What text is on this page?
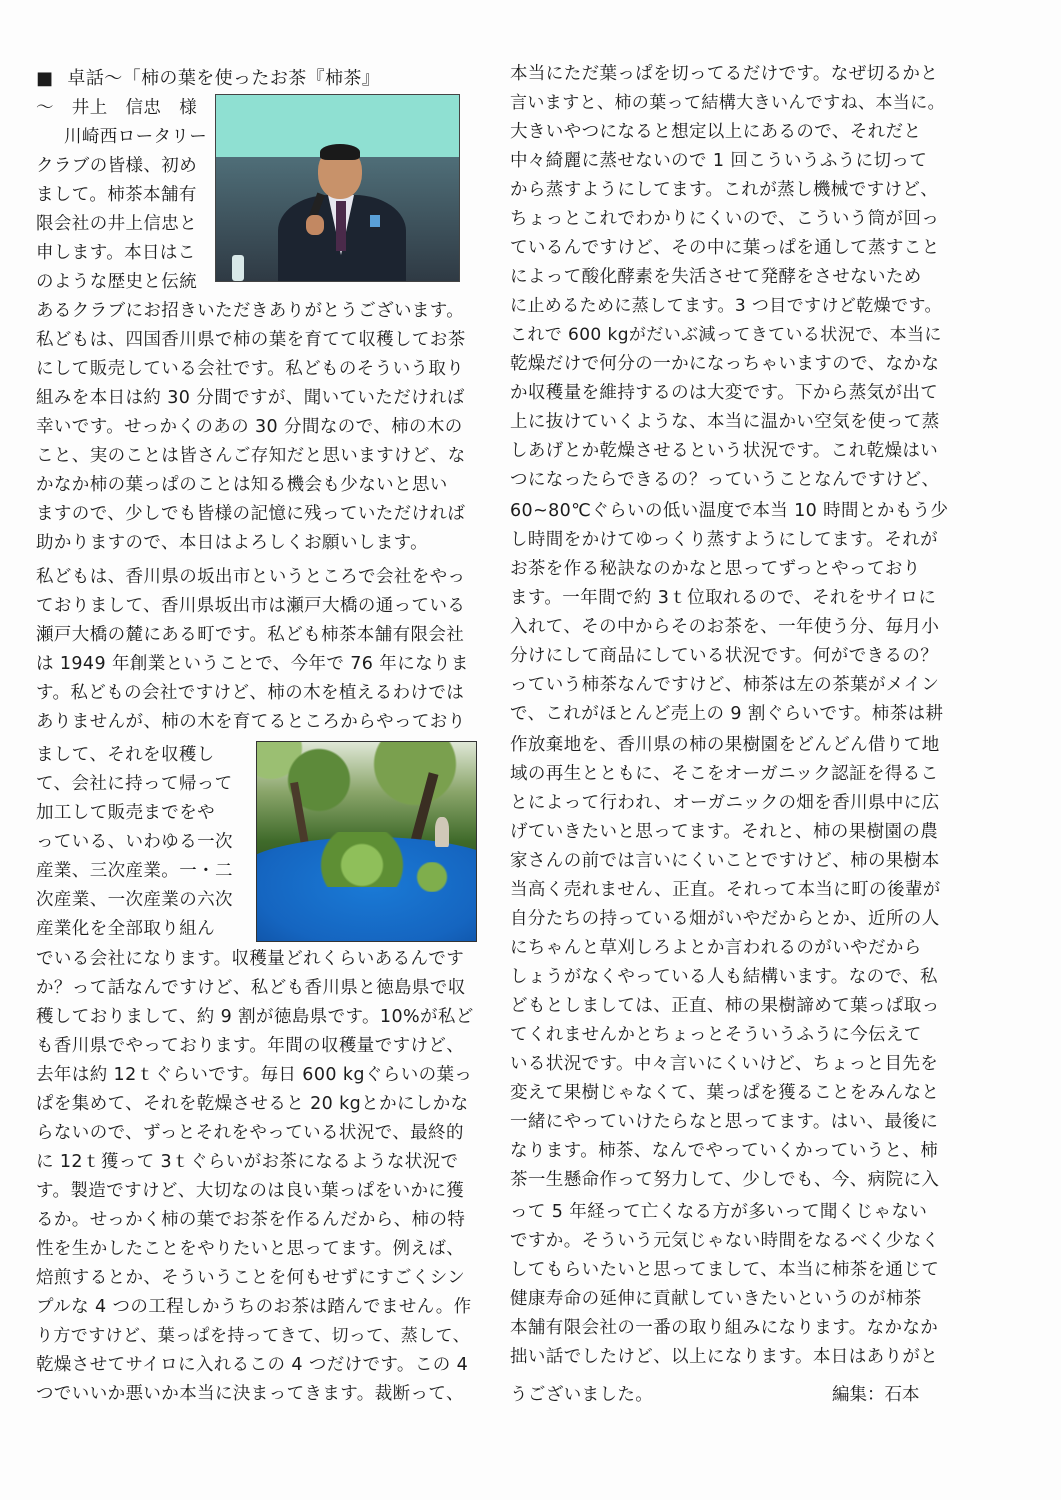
■ 卓話～「柿の葉を使ったお茶『柿茶』
～　井上　信忠　様
川崎西ロータリー
クラブの皆様、初め
まして。柿茶本舗有
限会社の井上信忠と
申します。本日はこ
のような歴史と伝統
あるクラブにお招きいただきありがとうございます。
私どもは、四国香川県で柿の葉を育てて収穫してお茶
にして販売している会社です。私どものそういう取り
組みを本日は約 30 分間ですが、聞いていただければ
幸いです。せっかくのあの 30 分間なので、柿の木の
こと、実のことは皆さんご存知だと思いますけど、な
かなか柿の葉っぱのことは知る機会も少ないと思い
ますので、少しでも皆様の記憶に残っていただければ
助かりますので、本日はよろしくお願いします。
私どもは、香川県の坂出市というところで会社をやっ
ておりまして、香川県坂出市は瀬戸大橋の通っている
瀬戸大橋の麓にある町です。私ども柿茶本舗有限会社
は 1949 年創業ということで、今年で 76 年になりま
す。私どもの会社ですけど、柿の木を植えるわけでは
ありませんが、柿の木を育てるところからやっており
まして、それを収穫し
て、会社に持って帰って
加工して販売までをや
っている、いわゆる一次
産業、三次産業。一・二
次産業、一次産業の六次
産業化を全部取り組ん
でいる会社になります。収穫量どれくらいあるんです
か？って話なんですけど、私ども香川県と徳島県で収
穫しておりまして、約 9 割が徳島県です。10%が私ど
も香川県でやっております。年間の収穫量ですけど、
去年は約 12ｔぐらいです。毎日 600 kgぐらいの葉っ
ぱを集めて、それを乾燥させると 20 kgとかにしかな
らないので、ずっとそれをやっている状況で、最終的
に 12ｔ獲って 3ｔぐらいがお茶になるような状況で
す。製造ですけど、大切なのは良い葉っぱをいかに獲
るか。せっかく柿の葉でお茶を作るんだから、柿の特
性を生かしたことをやりたいと思ってます。例えば、
焙煎するとか、そういうことを何もせずにすごくシン
プルな 4 つの工程しかうちのお茶は踏んでません。作
り方ですけど、葉っぱを持ってきて、切って、蒸して、
乾燥させてサイロに入れるこの 4 つだけです。この 4
つでいいか悪いか本当に決まってきます。裁断って、
本当にただ葉っぱを切ってるだけです。なぜ切るかと
言いますと、柿の葉って結構大きいんですね、本当に。
大きいやつになると想定以上にあるので、それだと
中々綺麗に蒸せないので 1 回こういうふうに切って
から蒸すようにしてます。これが蒸し機械ですけど、
ちょっとこれでわかりにくいので、こういう筒が回っ
ているんですけど、その中に葉っぱを通して蒸すこと
によって酸化酵素を失活させて発酵をさせないため
に止めるために蒸してます。3 つ目ですけど乾燥です。
これで 600 kgがだいぶ減ってきている状況で、本当に
乾燥だけで何分の一かになっちゃいますので、なかな
か収穫量を維持するのは大変です。下から蒸気が出て
上に抜けていくような、本当に温かい空気を使って蒸
しあげとか乾燥させるという状況です。これ乾燥はい
つになったらできるの？っていうことなんですけど、
60~80℃ぐらいの低い温度で本当 10 時間とかもう少
し時間をかけてゆっくり蒸すようにしてます。それが
お茶を作る秘訣なのかなと思ってずっとやっており
ます。一年間で約 3ｔ位取れるので、それをサイロに
入れて、その中からそのお茶を、一年使う分、毎月小
分けにして商品にしている状況です。何ができるの？
っていう柿茶なんですけど、柿茶は左の茶葉がメイン
で、これがほとんど売上の 9 割ぐらいです。柿茶は耕
作放棄地を、香川県の柿の果樹園をどんどん借りて地
域の再生とともに、そこをオーガニック認証を得るこ
とによって行われ、オーガニックの畑を香川県中に広
げていきたいと思ってます。それと、柿の果樹園の農
家さんの前では言いにくいことですけど、柿の果樹本
当高く売れません、正直。それって本当に町の後輩が
自分たちの持っている畑がいやだからとか、近所の人
にちゃんと草刈しろよとか言われるのがいやだから
しょうがなくやっている人も結構います。なので、私
どもとしましては、正直、柿の果樹諦めて葉っぱ取っ
てくれませんかとちょっとそういうふうに今伝えて
いる状況です。中々言いにくいけど、ちょっと目先を
変えて果樹じゃなくて、葉っぱを獲ることをみんなと
一緒にやっていけたらなと思ってます。はい、最後に
なります。柿茶、なんでやっていくかっていうと、柿
茶一生懸命作って努力して、少しでも、今、病院に入
って 5 年経って亡くなる方が多いって聞くじゃない
ですか。そういう元気じゃない時間をなるべく少なく
してもらいたいと思ってまして、本当に柿茶を通じて
健康寿命の延伸に貢献していきたいというのが柿茶
本舗有限会社の一番の取り組みになります。なかなか
拙い話でしたけど、以上になります。本日はありがと
うございました。	編集：石本
